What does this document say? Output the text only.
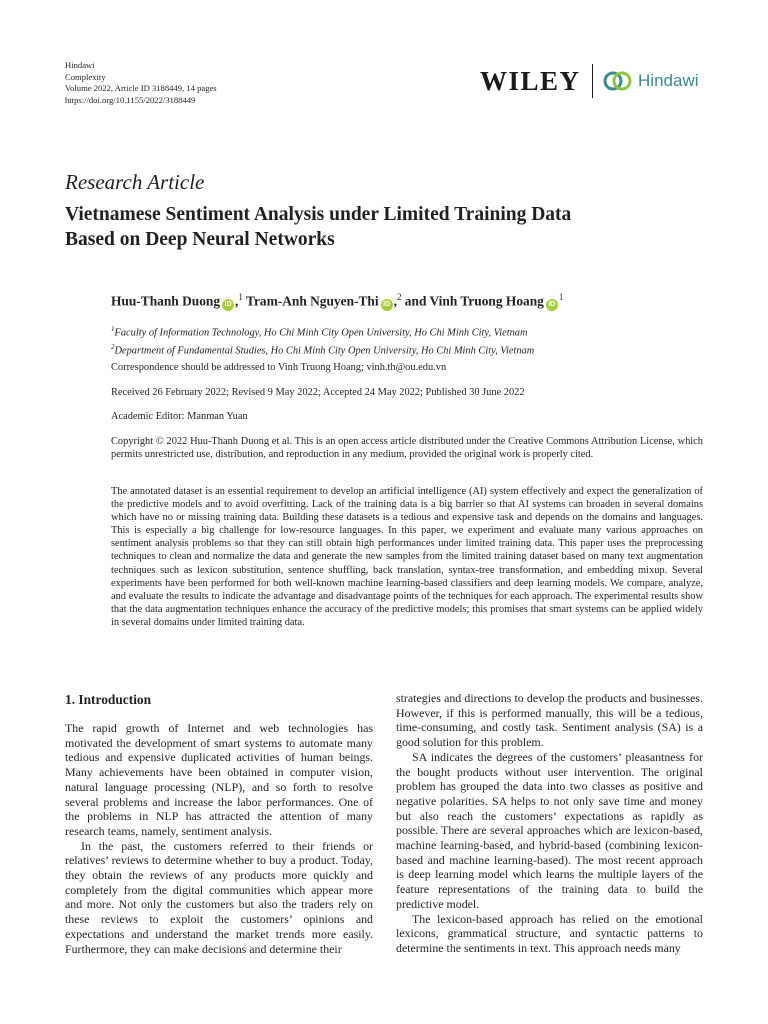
Hindawi
Complexity
Volume 2022, Article ID 3188449, 14 pages
https://doi.org/10.1155/2022/3188449
WILEY	Hindawi
Research Article
Vietnamese Sentiment Analysis under Limited Training Data
Based on Deep Neural Networks
Huu-Thanh Duong iD ,$^1$ Tram-Anh Nguyen-Thi iD ,$^2$ and Vinh Truong Hoang $iD^1$
$^1$Faculty of Information Technology, Ho Chi Minh City Open University, Ho Chi Minh City, Vietnam
$^2$Department of Fundamental Studies, Ho Chi Minh City Open University, Ho Chi Minh City, Vietnam
Correspondence should be addressed to Vinh Truong Hoang; vinh.th@ou.edu.vn
Received 26 February 2022; Revised 9 May 2022; Accepted 24 May 2022; Published 30 June 2022
Academic Editor: Manman Yuan
Copyright © 2022 Huu-Thanh Duong et al. This is an open access article distributed under the Creative Commons Attribution License, which permits unrestricted use, distribution, and reproduction in any medium, provided the original work is properly cited.
The annotated dataset is an essential requirement to develop an artificial intelligence (AI) system effectively and expect the generalization of the predictive models and to avoid overfitting. Lack of the training data is a big barrier so that AI systems can broaden in several domains which have no or missing training data. Building these datasets is a tedious and expensive task and depends on the domains and languages. This is especially a big challenge for low-resource languages. In this paper, we experiment and evaluate many various approaches on sentiment analysis problems so that they can still obtain high performances under limited training data. This paper uses the preprocessing techniques to clean and normalize the data and generate the new samples from the limited training dataset based on many text augmentation techniques such as lexicon substitution, sentence shuffling, back translation, syntax-tree transformation, and embedding mixup. Several experiments have been performed for both well-known machine learning-based classifiers and deep learning models. We compare, analyze, and evaluate the results to indicate the advantage and disadvantage points of the techniques for each approach. The experimental results show that the data augmentation techniques enhance the accuracy of the predictive models; this promises that smart systems can be applied widely in several domains under limited training data.
1. Introduction

The rapid growth of Internet and web technologies has motivated the development of smart systems to automate many tedious and expensive duplicated activities of human beings. Many achievements have been obtained in computer vision, natural language processing (NLP), and so forth to resolve several problems and increase the labor performances. One of the problems in NLP has attracted the attention of many research teams, namely, sentiment analysis.

In the past, the customers referred to their friends or relatives’ reviews to determine whether to buy a product. Today, they obtain the reviews of any products more quickly and completely from the digital communities which appear more and more. Not only the customers but also the traders rely on these reviews to exploit the customers’ opinions and expectations and understand the market trends more easily. Furthermore, they can make decisions and determine their

strategies and directions to develop the products and businesses. However, if this is performed manually, this will be a tedious, time-consuming, and costly task. Sentiment analysis (SA) is a good solution for this problem.

SA indicates the degrees of the customers’ pleasantness for the bought products without user intervention. The original problem has grouped the data into two classes as positive and negative polarities. SA helps to not only save time and money but also reach the customers’ expectations as rapidly as possible. There are several approaches which are lexicon-based, machine learning-based, and hybrid-based (combining lexicon-based and machine learning-based). The most recent approach is deep learning model which learns the multiple layers of the feature representations of the training data to build the predictive model.

The lexicon-based approach has relied on the emotional lexicons, grammatical structure, and syntactic patterns to determine the sentiments in text. This approach needs many
